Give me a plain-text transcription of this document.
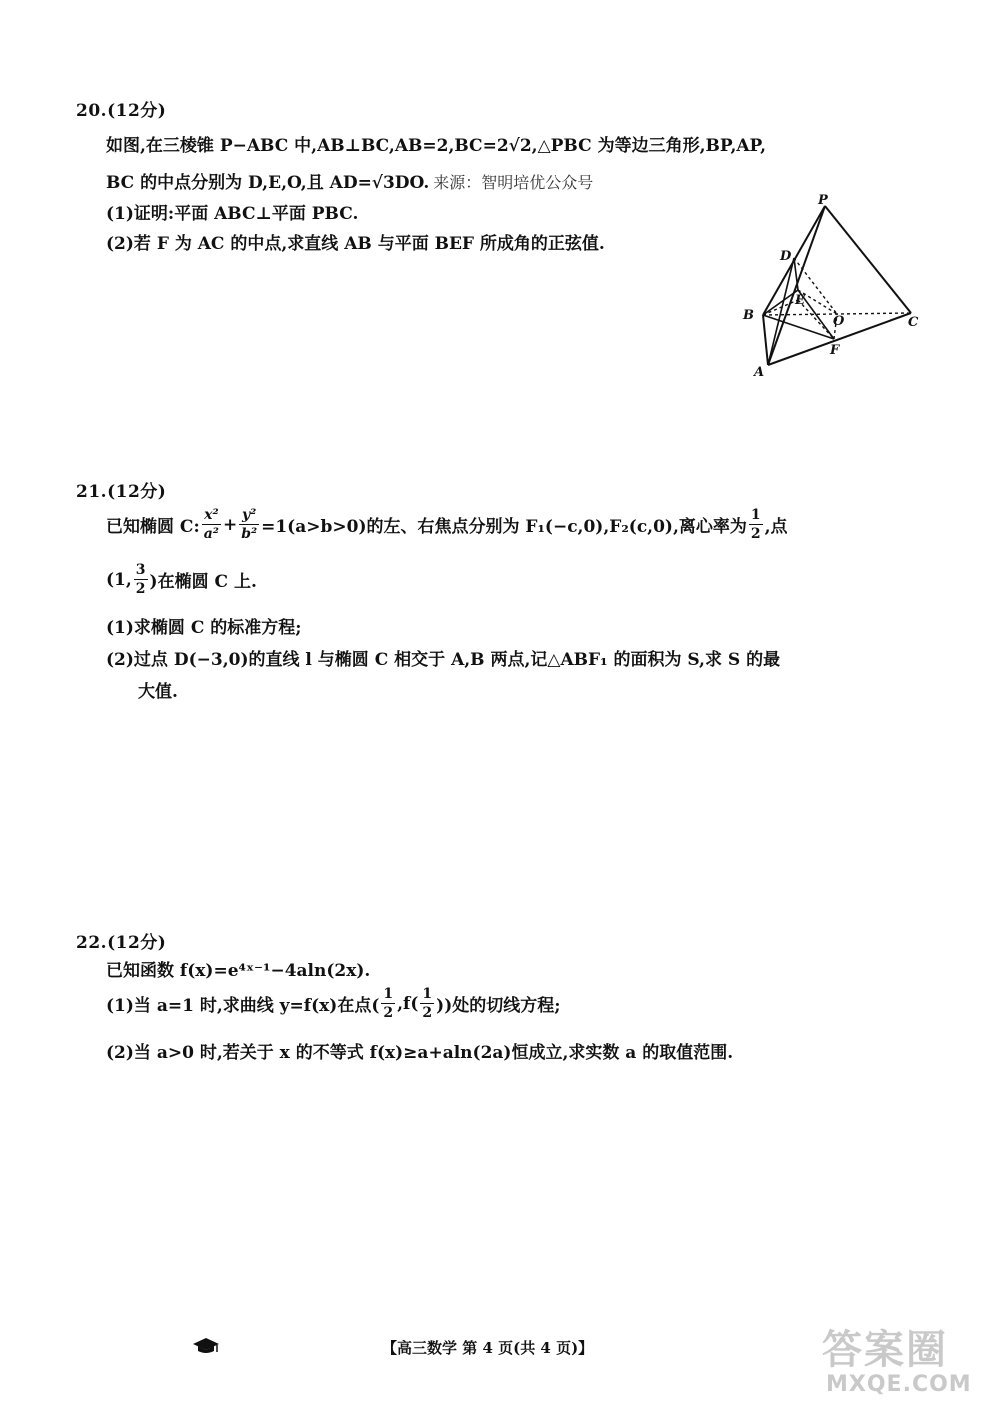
20.(12分)
如图,在三棱锥 P−ABC 中,AB⊥BC,AB=2,BC=2√2,△PBC 为等边三角形,BP,AP,
BC 的中点分别为 D,E,O,且 AD=√3DO. 来源：智明培优公众号
(1)证明:平面 ABC⊥平面 PBC.
(2)若 F 为 AC 的中点,求直线 AB 与平面 BEF 所成角的正弦值.
P
D
E
B	O	C
F
A
21.(12分)
已知椭圆 C: $\frac{\text{x²}}{\text{a²}} + \frac{\text{y²}}{\text{b²}} =1(a>b>0)$的左、右焦点分别为 F₁(−c,0),F₂(c,0),离心率为 $\frac{1}{2}$ ,点
(1, $\frac{3}{2}$ )在椭圆 C 上.
(1)求椭圆 C 的标准方程;
(2)过点 D(−3,0)的直线 l 与椭圆 C 相交于 A,B 两点,记△ABF₁ 的面积为 S,求 S 的最
大值.
22.(12分)
已知函数 f(x)=e⁴ˣ⁻¹−4aln(2x).
(1)当 a=1 时,求曲线 y=f(x)在点( $\frac{1}{2} ,f( \frac{1}{2}$ ))处的切线方程;
(2)当 a>0 时,若关于 x 的不等式 f(x)≥a+aln(2a)恒成立,求实数 a 的取值范围.
【高三数学 第 4 页(共 4 页)】	答案圈
MXQE.COM
